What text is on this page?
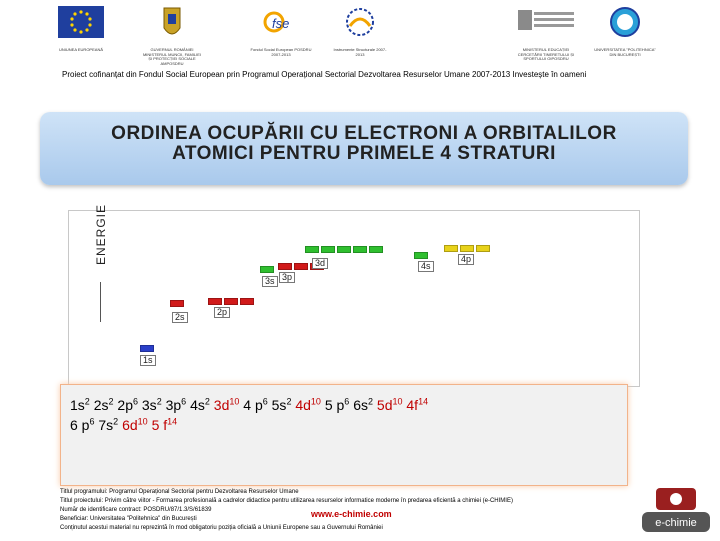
UNIUNEA EUROPEANĂ	GUVERNUL ROMÂNIEI MINISTERUL MUNCII, FAMILIEI ȘI PROTECȚIEI SOCIALE AMPOSDRU
fse
Fondul Social European POSDRU 2007-2013
Instrumente Structurale 2007-2013
MINISTERUL EDUCAȚIEI CERCETĂRII TINERETULUI ȘI SPORTULUI OIPOSDRU
UNIVERSITATEA "POLITEHNICA" DIN BUCUREȘTI
Proiect cofinanțat din Fondul Social European prin Programul Operațional Sectorial Dezvoltarea Resurselor Umane 2007-2013 Investește în oameni
ORDINEA OCUPĂRII CU ELECTRONI A ORBITALILOR
ATOMICI PENTRU PRIMELE 4 STRATURI
ENERGIE
1s
2s	2p
3s 3p
3d	4s
4p
$1s^2$ $2s^2$ $2p^6$ $3s^2$ $3p^6$ $4s^2$ $3d^{10}$ 4 $p^6$ $5s^2$ $4d^{10}$ 5 $p^6$ $6s^2$ $5d^{10}$ $4f^{14}$
6 $p^6$ $7s^2$ $6d^{10}$ 5 $f^{14}$
Titlul programului: Programul Operațional Sectorial pentru Dezvoltarea Resurselor Umane
Titlul proiectului: Privim către viitor - Formarea profesională a cadrelor didactice pentru utilizarea resurselor informatice moderne în predarea eficientă a chimiei (e-CHIMIE)
Număr de identificare contract: POSDRU/87/1.3/S/61839
Beneficiar: Universitatea "Politehnica" din București
Conținutul acestui material nu reprezintă în mod obligatoriu poziția oficială a Uniunii Europene sau a Guvernului României
www.e-chimie.com
e-chimie
